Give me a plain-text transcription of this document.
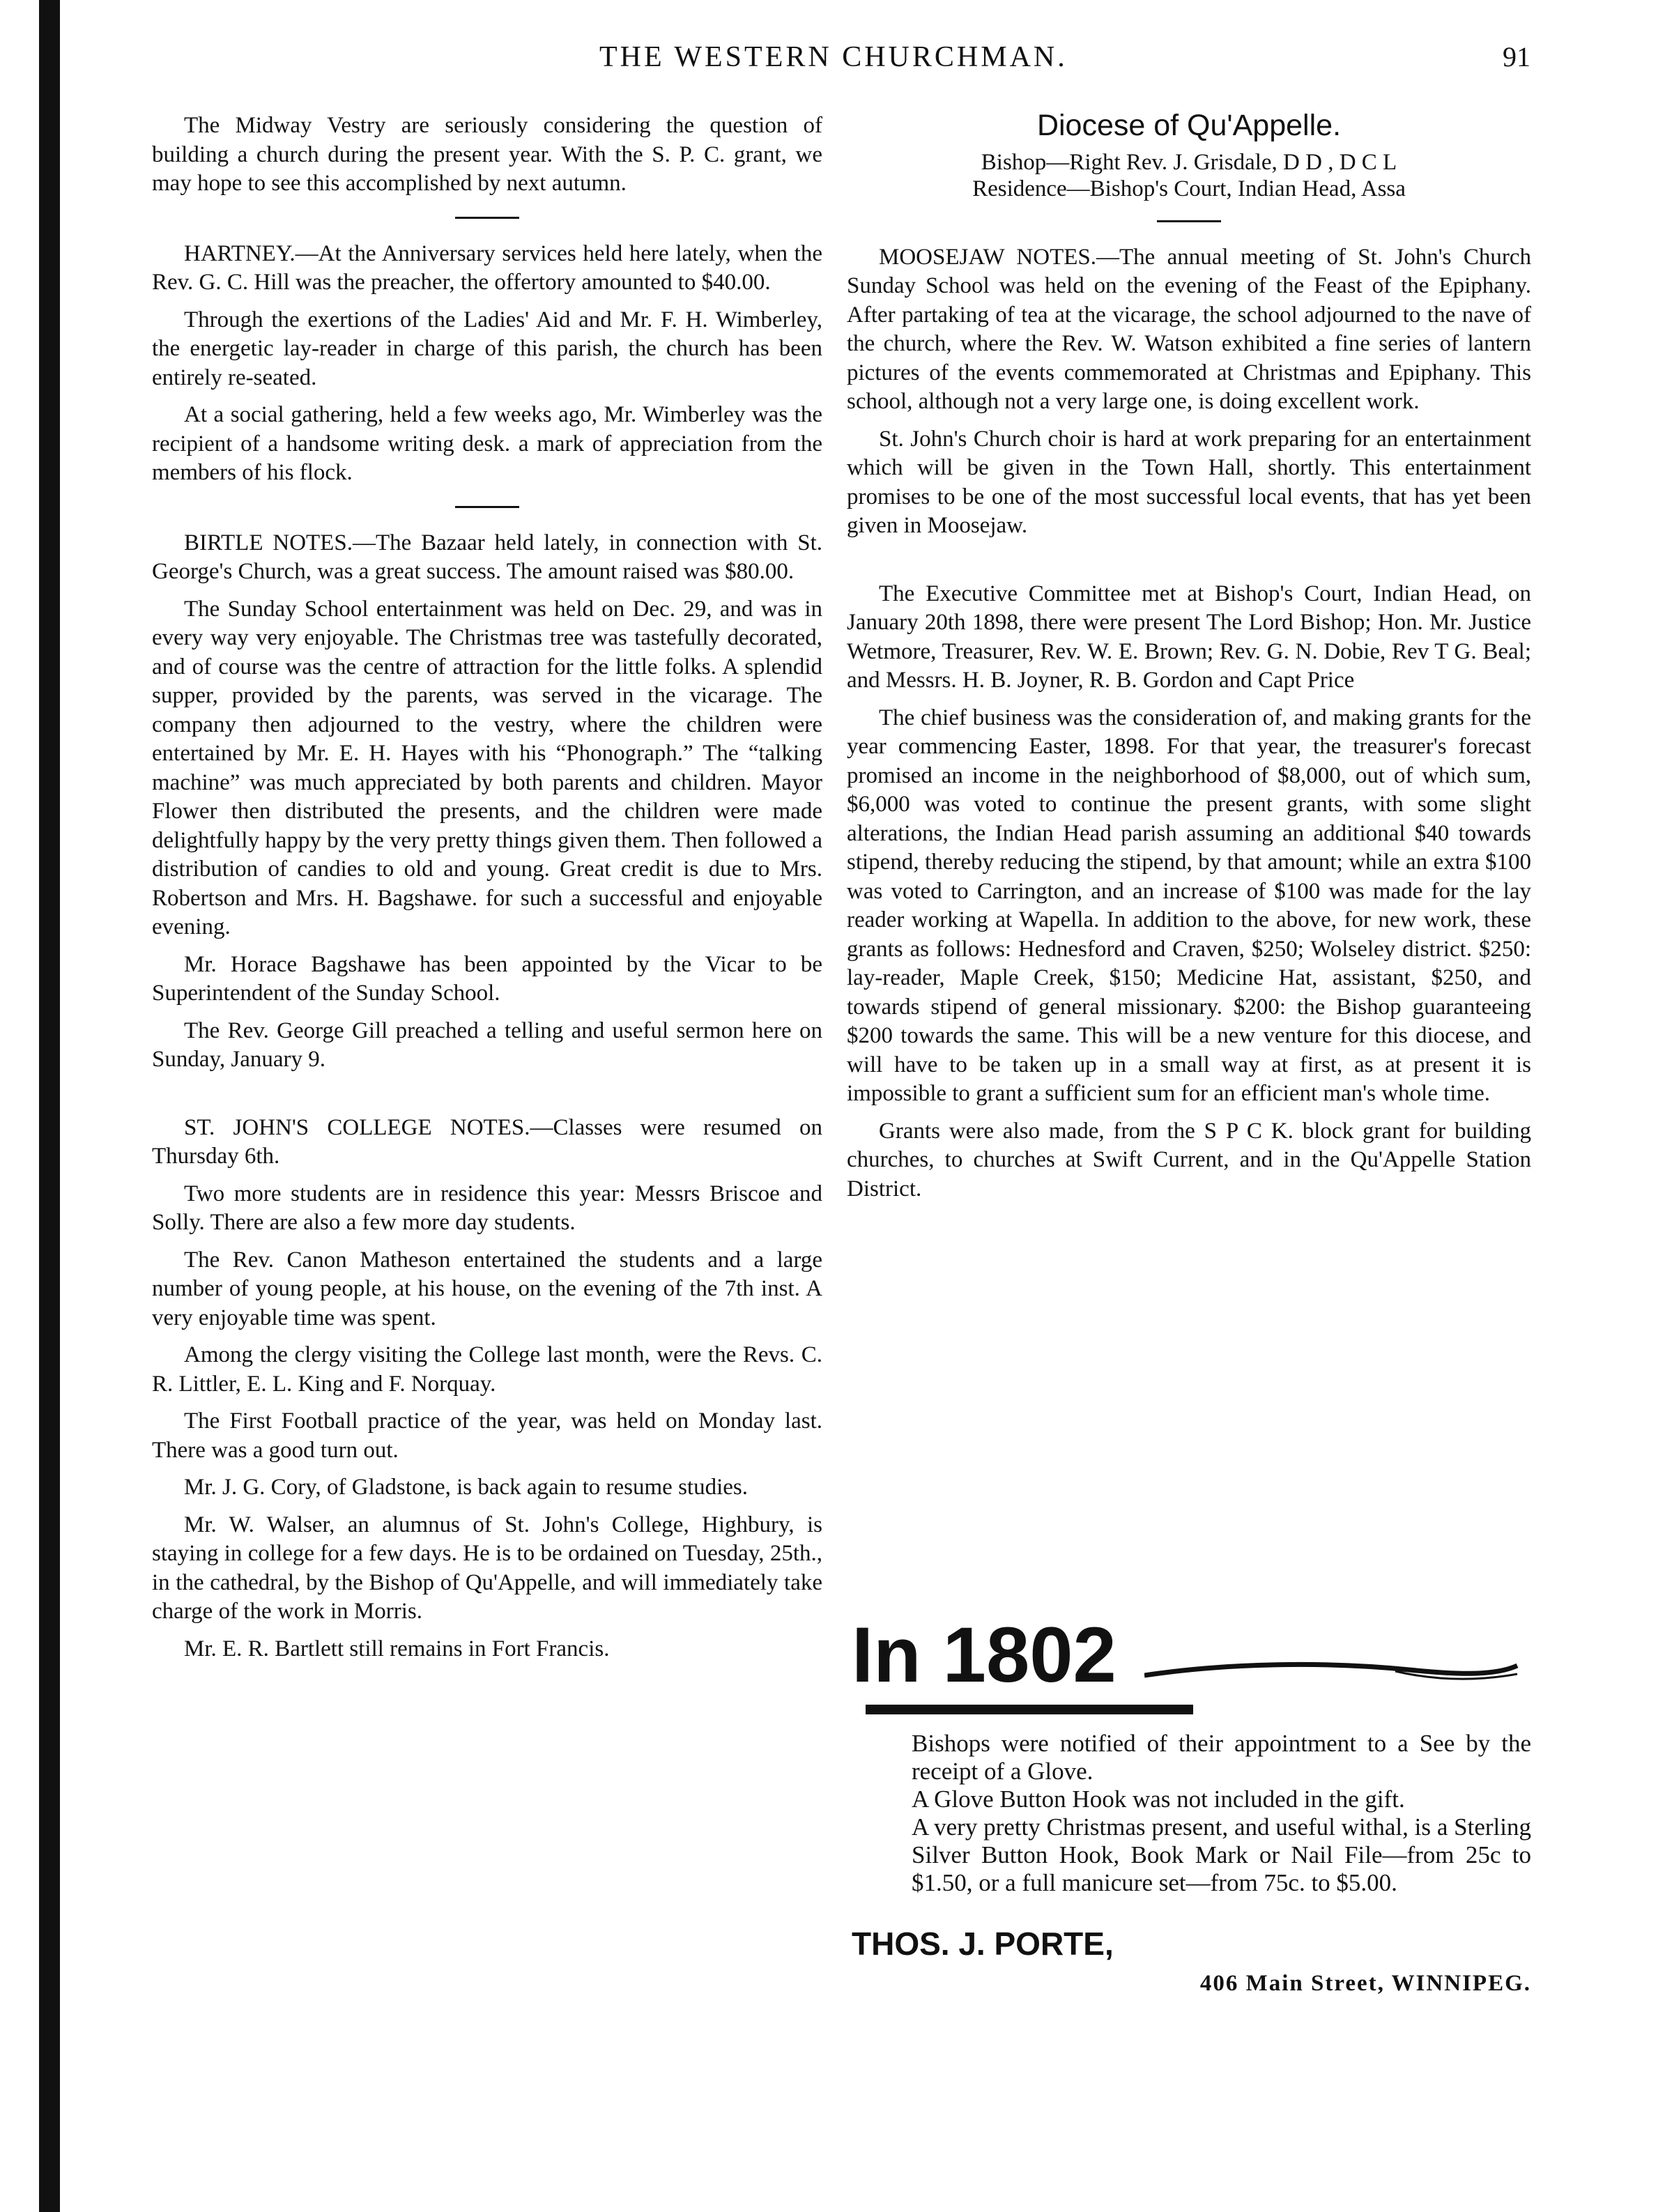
THE WESTERN CHURCHMAN.	91

The Midway Vestry are seriously considering the question of building a church during the present year. With the S. P. C. grant, we may hope to see this accomplished by next autumn.

HARTNEY.—At the Anniversary services held here lately, when the Rev. G. C. Hill was the preacher, the offertory amounted to $40.00.

Through the exertions of the Ladies' Aid and Mr. F. H. Wimberley, the energetic lay-reader in charge of this parish, the church has been entirely re-seated.

At a social gathering, held a few weeks ago, Mr. Wimberley was the recipient of a handsome writing desk. a mark of appreciation from the members of his flock.

BIRTLE NOTES.—The Bazaar held lately, in connection with St. George's Church, was a great success. The amount raised was $80.00.

The Sunday School entertainment was held on Dec. 29, and was in every way very enjoyable. The Christmas tree was tastefully decorated, and of course was the centre of attraction for the little folks. A splendid supper, provided by the parents, was served in the vicarage. The company then adjourned to the vestry, where the children were entertained by Mr. E. H. Hayes with his “Phonograph.” The “talking machine” was much appreciated by both parents and children. Mayor Flower then distributed the presents, and the children were made delightfully happy by the very pretty things given them. Then followed a distribution of candies to old and young. Great credit is due to Mrs. Robertson and Mrs. H. Bagshawe. for such a successful and enjoyable evening.

Mr. Horace Bagshawe has been appointed by the Vicar to be Superintendent of the Sunday School.

The Rev. George Gill preached a telling and useful sermon here on Sunday, January 9.

ST. JOHN'S COLLEGE NOTES.—Classes were resumed on Thursday 6th.

Two more students are in residence this year: Messrs Briscoe and Solly. There are also a few more day students.

The Rev. Canon Matheson entertained the students and a large number of young people, at his house, on the evening of the 7th inst. A very enjoyable time was spent.

Among the clergy visiting the College last month, were the Revs. C. R. Littler, E. L. King and F. Norquay.

The First Football practice of the year, was held on Monday last. There was a good turn out.

Mr. J. G. Cory, of Gladstone, is back again to resume studies.

Mr. W. Walser, an alumnus of St. John's College, Highbury, is staying in college for a few days. He is to be ordained on Tuesday, 25th., in the cathedral, by the Bishop of Qu'Appelle, and will immediately take charge of the work in Morris.

Mr. E. R. Bartlett still remains in Fort Francis.

Diocese of Qu'Appelle.

Bishop—Right Rev. J. Grisdale, D D , D C L

Residence—Bishop's Court, Indian Head, Assa

MOOSEJAW NOTES.—The annual meeting of St. John's Church Sunday School was held on the evening of the Feast of the Epiphany. After partaking of tea at the vicarage, the school adjourned to the nave of the church, where the Rev. W. Watson exhibited a fine series of lantern pictures of the events commemorated at Christmas and Epiphany. This school, although not a very large one, is doing excellent work.

St. John's Church choir is hard at work preparing for an entertainment which will be given in the Town Hall, shortly. This entertainment promises to be one of the most successful local events, that has yet been given in Moosejaw.

The Executive Committee met at Bishop's Court, Indian Head, on January 20th 1898, there were present The Lord Bishop; Hon. Mr. Justice Wetmore, Treasurer, Rev. W. E. Brown; Rev. G. N. Dobie, Rev T G. Beal; and Messrs. H. B. Joyner, R. B. Gordon and Capt Price

The chief business was the consideration of, and making grants for the year commencing Easter, 1898. For that year, the treasurer's forecast promised an income in the neighborhood of $8,000, out of which sum, $6,000 was voted to continue the present grants, with some slight alterations, the Indian Head parish assuming an additional $40 towards stipend, thereby reducing the stipend, by that amount; while an extra $100 was voted to Carrington, and an increase of $100 was made for the lay reader working at Wapella. In addition to the above, for new work, these grants as follows: Hednesford and Craven, $250; Wolseley district. $250: lay-reader, Maple Creek, $150; Medicine Hat, assistant, $250, and towards stipend of general missionary. $200: the Bishop guaranteeing $200 towards the same. This will be a new venture for this diocese, and will have to be taken up in a small way at first, as at present it is impossible to grant a sufficient sum for an efficient man's whole time.

Grants were also made, from the S P C K. block grant for building churches, to churches at Swift Current, and in the Qu'Appelle Station District.

In 1802
Bishops were notified of their appointment to a See by the receipt of a Glove.
A Glove Button Hook was not included in the gift.
A very pretty Christmas present, and useful withal, is a Sterling Silver Button Hook, Book Mark or Nail File—from 25c to $1.50, or a full manicure set—from 75c. to $5.00.
THOS. J. PORTE,
406 Main Street, WINNIPEG.
